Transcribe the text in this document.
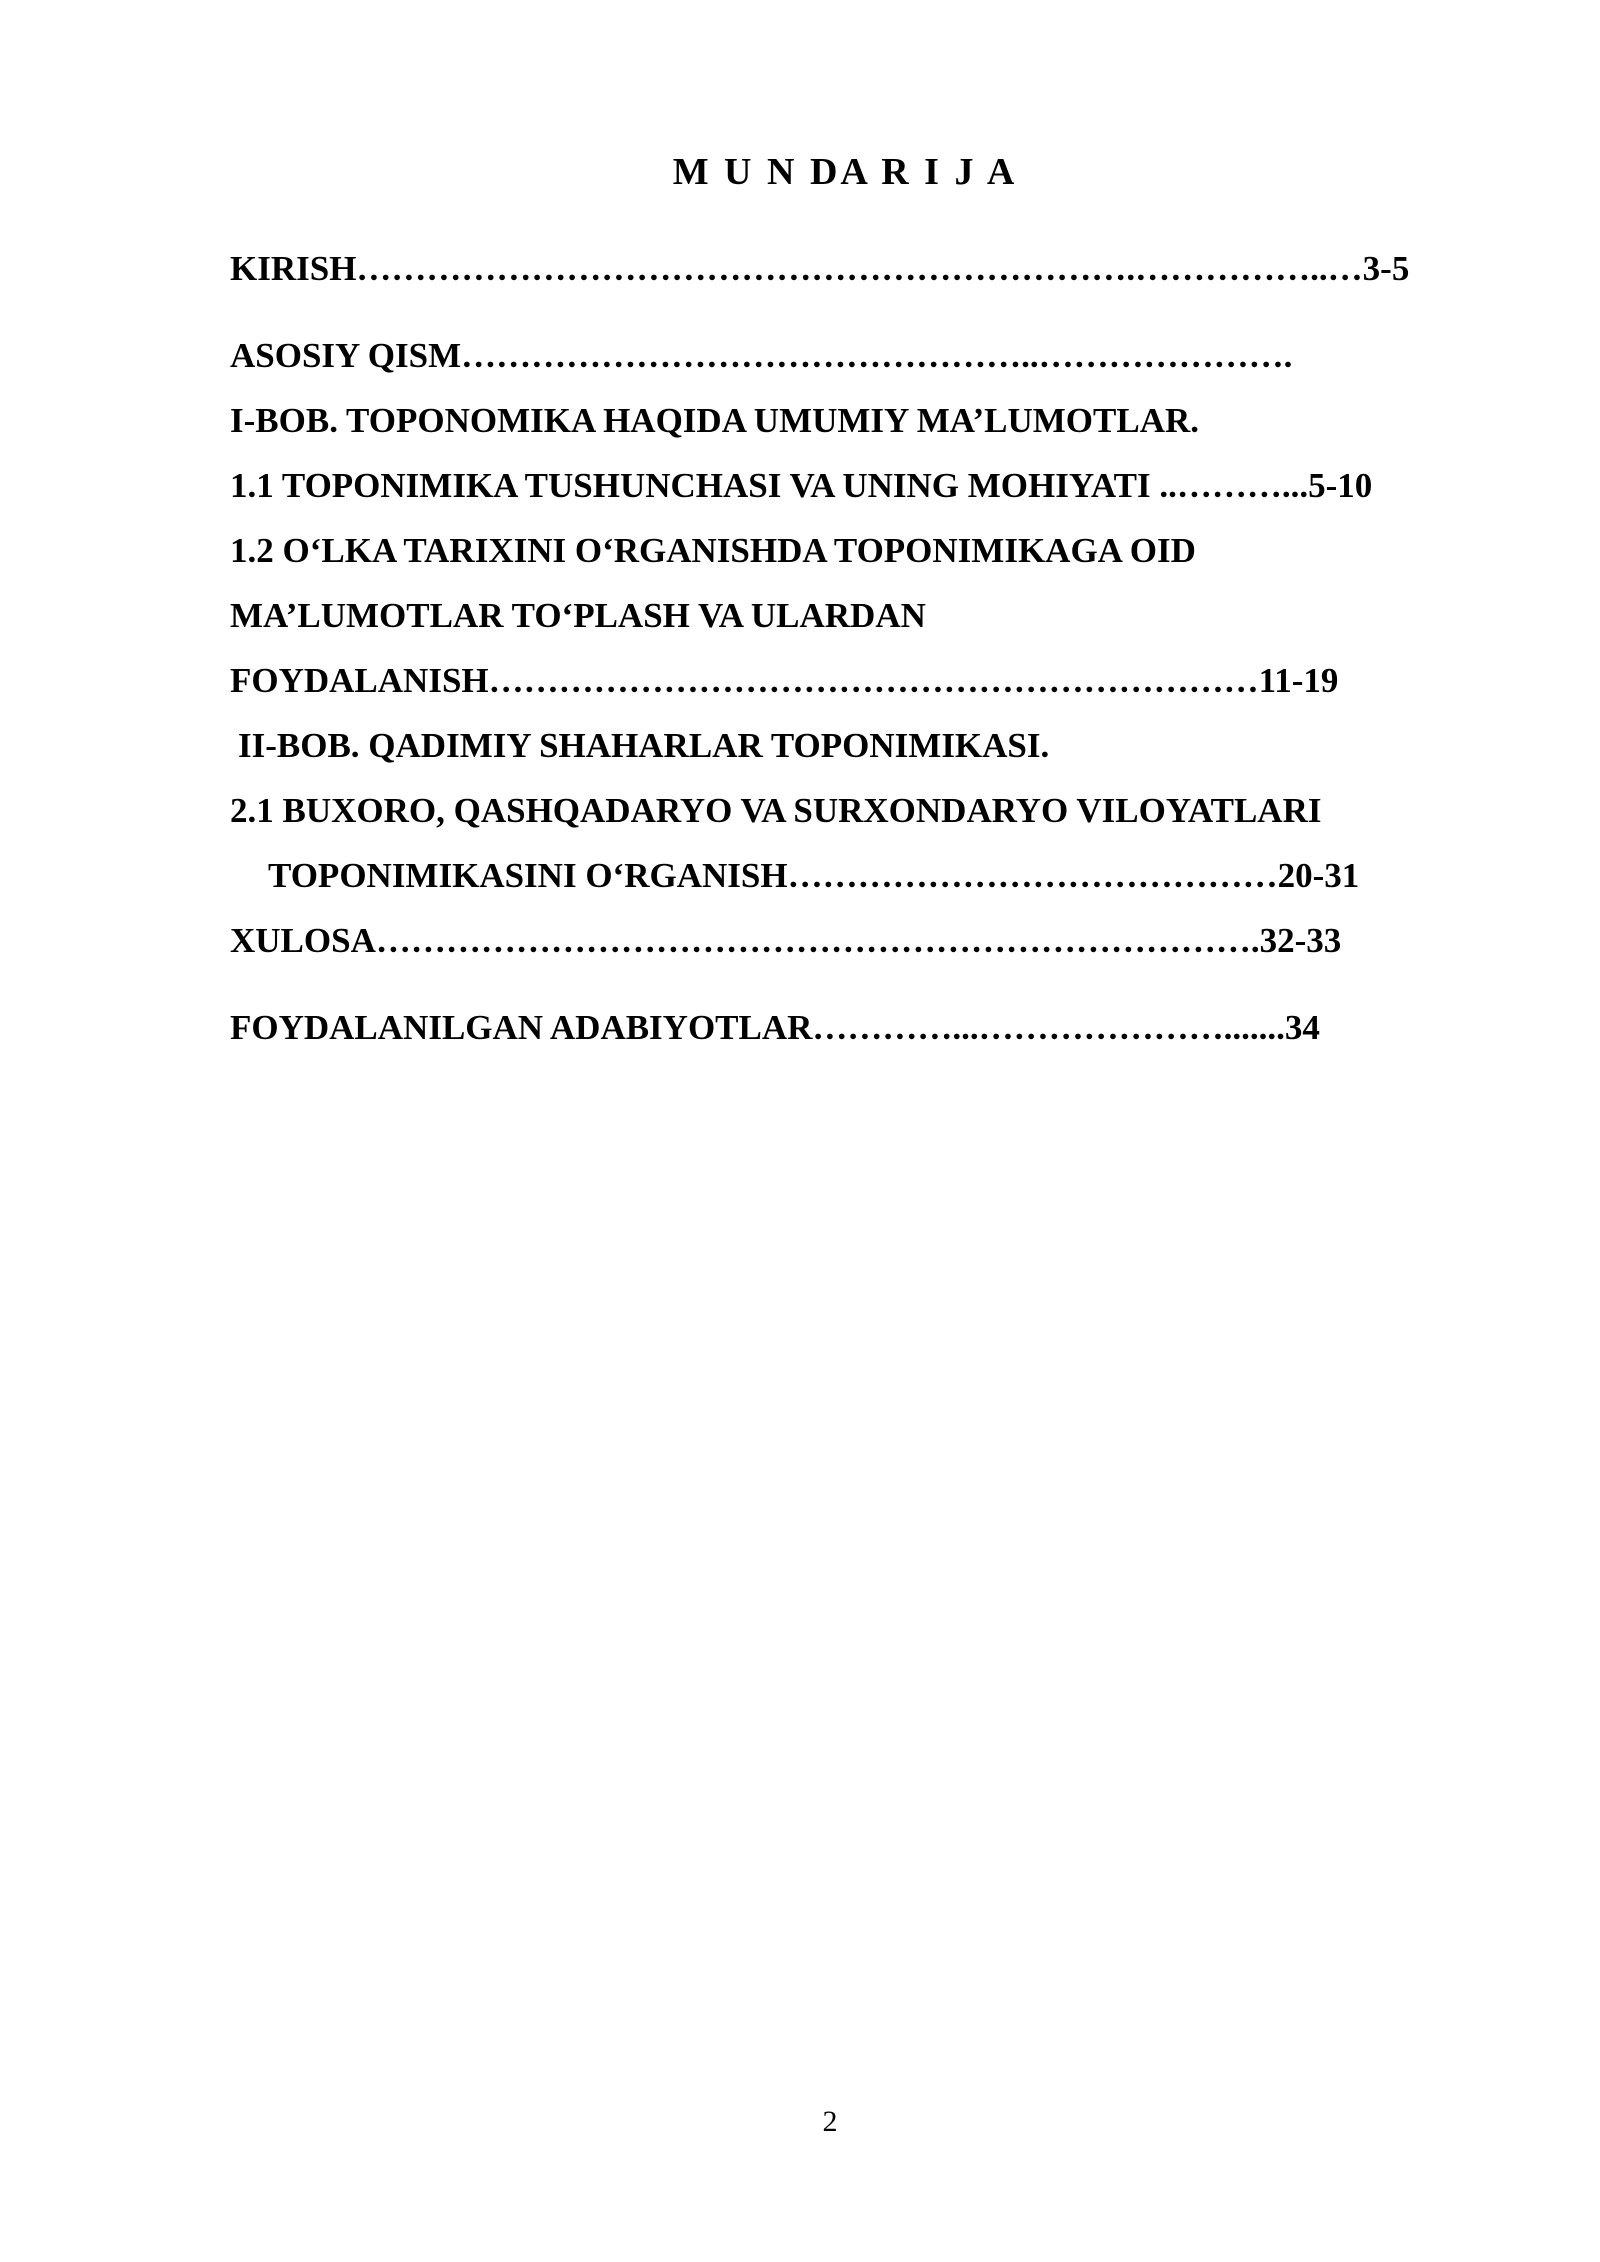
M U N DA R I J A

KIRISH………………………………………………………….……………..…3-5

ASOSIY QISM…………………………………………..………………….

I-BOB. TOPONOMIKA HAQIDA UMUMIY MA’LUMOTLAR.

1.1 TOPONIMIKA TUSHUNCHASI VA UNING MOHIYATI ..………...5-10

1.2 O‘LKA TARIXINI O‘RGANISHDA TOPONIMIKAGA OID

MA’LUMOTLAR TO‘PLASH VA ULARDAN

FOYDALANISH…………………………………………………………11-19

II-BOB. QADIMIY SHAHARLAR TOPONIMIKASI.

2.1 BUXORO, QASHQADARYO VA SURXONDARYO VILOYATLARI

TOPONIMIKASINI O‘RGANISH……………………………………20-31

XULOSA………………………………………………………………….32-33

FOYDALANILGAN ADABIYOTLAR…………...………………….......34

2
